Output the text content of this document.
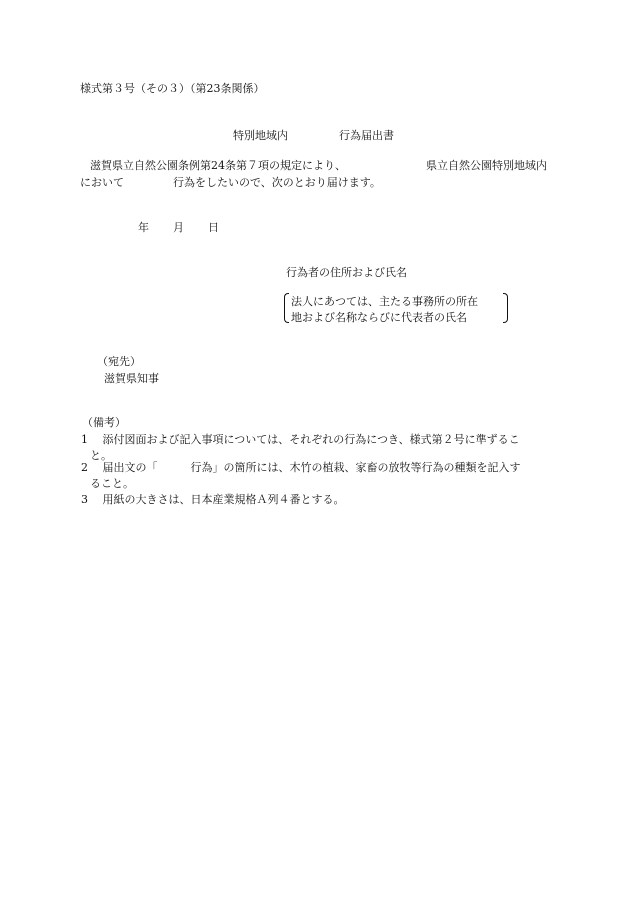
様式第３号（その３）（第23条関係）
特別地域内	行為届出書
滋賀県立自然公園条例第24条第７項の規定により、	県立自然公園特別地域内
において	行為をしたいので、次のとおり届けます。
年 月 日
行為者の住所および氏名
法人にあつては、主たる事務所の所在
地および名称ならびに代表者の氏名
（宛先）
滋賀県知事
（備考）
1　 添付図面および記入事項については、それぞれの行為につき、様式第２号に準ずるこ
と。
2　 届出文の「　　　行為」の箇所には、木竹の植栽、家畜の放牧等行為の種類を記入す
ること。
3　 用紙の大きさは、日本産業規格Ａ列４番とする。
